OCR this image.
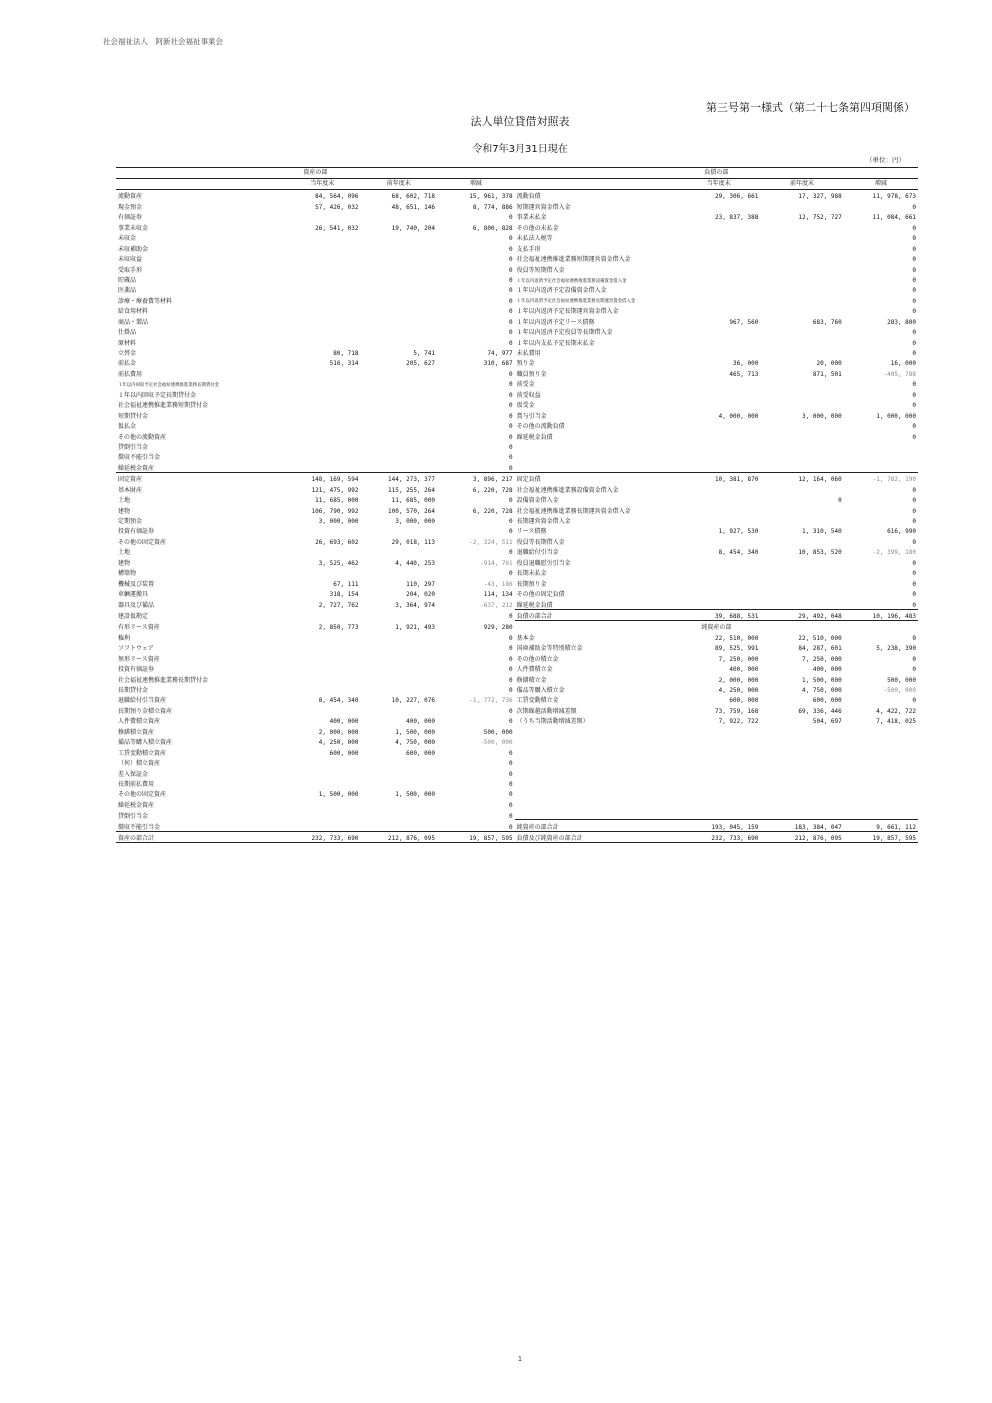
社会福祉法人　阿新社会福祉事業会
第三号第一様式（第二十七条第四項関係）
法人単位貸借対照表
令和7年3月31日現在
（単位：円）
資産の部				負債の部			
	当年度末	前年度末	増減		当年度末	前年度末	増減
流動資産	84, 564, 096	68, 602, 718	15, 961, 378	流動負債	29, 306, 661	17, 327, 988	11, 978, 673
現金預金	57, 426, 032	48, 651, 146	8, 774, 886	短期運営資金借入金			0
有価証券			0	事業未払金	23, 837, 388	12, 752, 727	11, 084, 661
事業未収金	26, 541, 032	19, 740, 204	6, 800, 828	その他の未払金			0
未収金			0	未払法人税等			0
未収補助金			0	支払手形			0
未収収益			0	社会福祉連携推進業務短期運営資金借入金			0
受取手形			0	役員等短期借入金			0
貯蔵品			0	１年以内返済予定社会福祉連携推進業務設備資金借入金			0
医薬品			0	１年以内返済予定設備資金借入金			0
診療・療養費等材料			0	１年以内返済予定社会福祉連携推進業務長期運営資金借入金			0
給食用材料			0	１年以内返済予定長期運営資金借入金			0
商品・製品			0	１年以内返済予定リース債務	967, 560	683, 760	283, 800
仕掛品			0	１年以内返済予定役員等長期借入金			0
原材料			0	１年以内支払予定長期未払金			0
立替金	80, 718	5, 741	74, 977	未払費用			0
前払金	516, 314	205, 627	310, 687	預り金	36, 000	20, 000	16, 000
前払費用			0	職員預り金	465, 713	871, 501	-405, 788
１年以内回収予定社会福祉連携推進業務長期貸付金			0	前受金			0
１年以内回収予定長期貸付金			0	前受収益			0
社会福祉連携推進業務短期貸付金			0	仮受金			0
短期貸付金			0	賞与引当金	4, 000, 000	3, 000, 000	1, 000, 000
仮払金			0	その他の流動負債			0
その他の流動資産			0	繰延税金負債			0
貸倒引当金			0				
徴収不能引当金			0				
繰延税金資産			0				
固定資産	148, 169, 594	144, 273, 377	3, 896, 217	固定負債	10, 381, 870	12, 164, 060	-1, 782, 190
基本財産	121, 475, 992	115, 255, 264	6, 220, 728	社会福祉連携推進業務設備資金借入金			0
土地	11, 685, 000	11, 685, 000	0	設備資金借入金		0	0
建物	106, 790, 992	100, 570, 264	6, 220, 728	社会福祉連携推進業務長期運営資金借入金			0
定期預金	3, 000, 000	3, 000, 000	0	長期運営資金借入金			0
投資有価証券			0	リース債務	1, 927, 530	1, 310, 540	616, 990
その他の固定資産	26, 693, 602	29, 018, 113	-2, 324, 511	役員等長期借入金			0
土地			0	退職給付引当金	8, 454, 340	10, 853, 520	-2, 399, 180
建物	3, 525, 462	4, 440, 253	-914, 791	役員退職慰労引当金			0
構築物			0	長期未払金			0
機械及び装置	67, 111	110, 297	-43, 186	長期預り金			0
車輌運搬具	318, 154	204, 020	114, 134	その他の固定負債			0
器具及び備品	2, 727, 762	3, 364, 974	-637, 212	繰延税金負債			0
建設仮勘定			0	負債の部合計	39, 688, 531	29, 492, 048	10, 196, 483
有形リース資産	2, 850, 773	1, 921, 493	929, 280	純資産の部			
権利			0	基本金	22, 510, 000	22, 510, 000	0
ソフトウェア			0	国庫補助金等特別積立金	89, 525, 991	84, 287, 601	5, 238, 390
無形リース資産			0	その他の積立金	7, 250, 000	7, 250, 000	0
投資有価証券			0	人件費積立金	400, 000	400, 000	0
社会福祉連携推進業務長期貸付金			0	修繕積立金	2, 000, 000	1, 500, 000	500, 000
長期貸付金			0	備品等購入積立金	4, 250, 000	4, 750, 000	-500, 000
退職給付引当資産	8, 454, 340	10, 227, 076	-1, 772, 736	工賃変動積立金	600, 000	600, 000	0
長期預り金積立資産			0	次期繰越活動増減差額	73, 759, 168	69, 336, 446	4, 422, 722
人件費積立資産	400, 000	400, 000	0	（うち当期活動増減差額）	7, 922, 722	504, 697	7, 418, 025
修繕積立資産	2, 000, 000	1, 500, 000	500, 000				
備品等購入積立資産	4, 250, 000	4, 750, 000	-500, 000				
工賃変動積立資産	600, 000	600, 000	0				
（何）積立資産			0				
差入保証金			0				
長期前払費用			0				
その他の固定資産	1, 500, 000	1, 500, 000	0				
繰延税金資産			0				
貸倒引当金			0				
徴収不能引当金			0	純資産の部合計	193, 045, 159	183, 384, 047	9, 661, 112
資産の部合計	232, 733, 690	212, 876, 095	19, 857, 595	負債及び純資産の部合計	232, 733, 690	212, 876, 095	19, 857, 595
1
